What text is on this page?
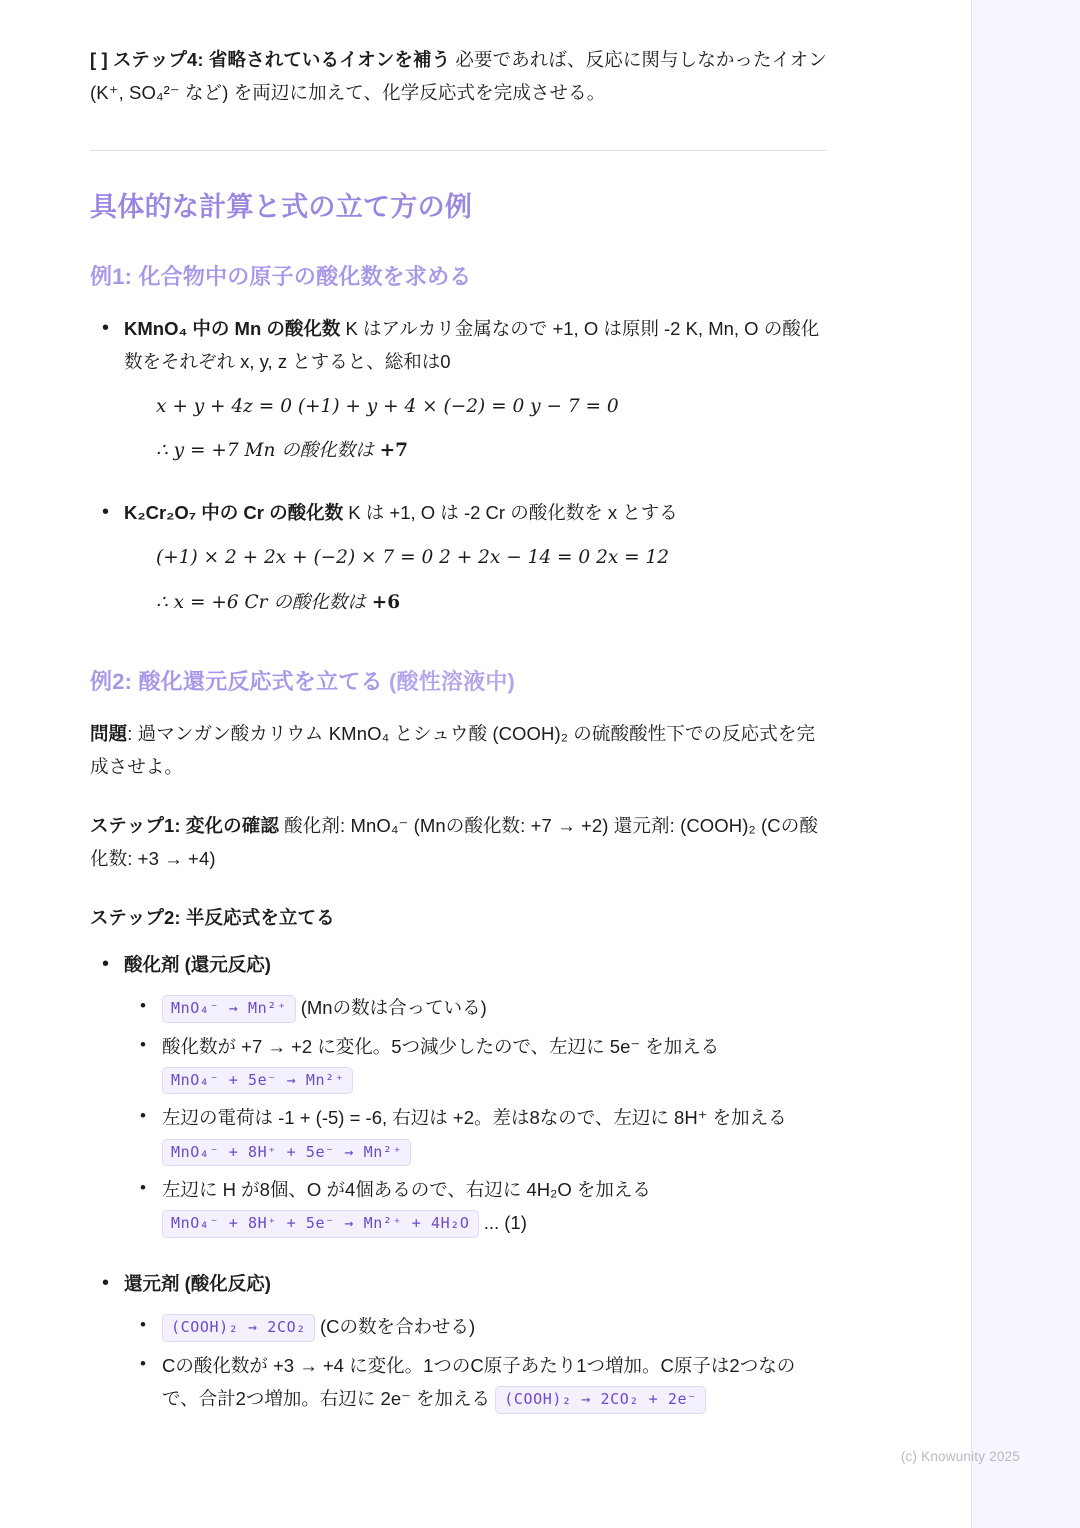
[ ] ステップ4: 省略されているイオンを補う 必要であれば、反応に関与しなかったイオン (K⁺, SO₄²⁻ など) を両辺に加えて、化学反応式を完成させる。

具体的な計算と式の立て方の例
例1: 化合物中の原子の酸化数を求める
• KMnO₄ 中の Mn の酸化数 K はアルカリ金属なので +1, O は原則 -2 K, Mn, O の酸化数をそれぞれ x, y, z とすると、総和は0
x + y + 4z = 0 (+1) + y + 4 × (−2) = 0 y − 7 = 0
∴ y = +7 Mn の酸化数は +7
• K₂Cr₂O₇ 中の Cr の酸化数 K は +1, O は -2 Cr の酸化数を x とする
(+1) × 2 + 2x + (−2) × 7 = 0 2 + 2x − 14 = 0 2x = 12
∴ x = +6 Cr の酸化数は +6
例2: 酸化還元反応式を立てる (酸性溶液中)

問題: 過マンガン酸カリウム KMnO₄ とシュウ酸 (COOH)₂ の硫酸酸性下での反応式を完成させよ。

ステップ1: 変化の確認 酸化剤: MnO₄⁻ (Mnの酸化数: +7 → +2) 還元剤: (COOH)₂ (Cの酸化数: +3 → +4)

ステップ2: 半反応式を立てる

• 酸化剤 (還元反応)
• MnO₄⁻ → Mn²⁺ (Mnの数は合っている)
• 酸化数が +7 → +2 に変化。5つ減少したので、左辺に 5e⁻ を加える MnO₄⁻ + 5e⁻ → Mn²⁺
• 左辺の電荷は -1 + (-5) = -6, 右辺は +2。差は8なので、左辺に 8H⁺ を加える MnO₄⁻ + 8H⁺ + 5e⁻ → Mn²⁺
• 左辺に H が8個、O が4個あるので、右辺に 4H₂O を加える MnO₄⁻ + 8H⁺ + 5e⁻ → Mn²⁺ + 4H₂O ... (1)
• 還元剤 (酸化反応)
• (COOH)₂ → 2CO₂ (Cの数を合わせる)
• Cの酸化数が +3 → +4 に変化。1つのC原子あたり1つ増加。C原子は2つなので、合計2つ増加。右辺に 2e⁻ を加える (COOH)₂ → 2CO₂ + 2e⁻
(c) Knowunity 2025
